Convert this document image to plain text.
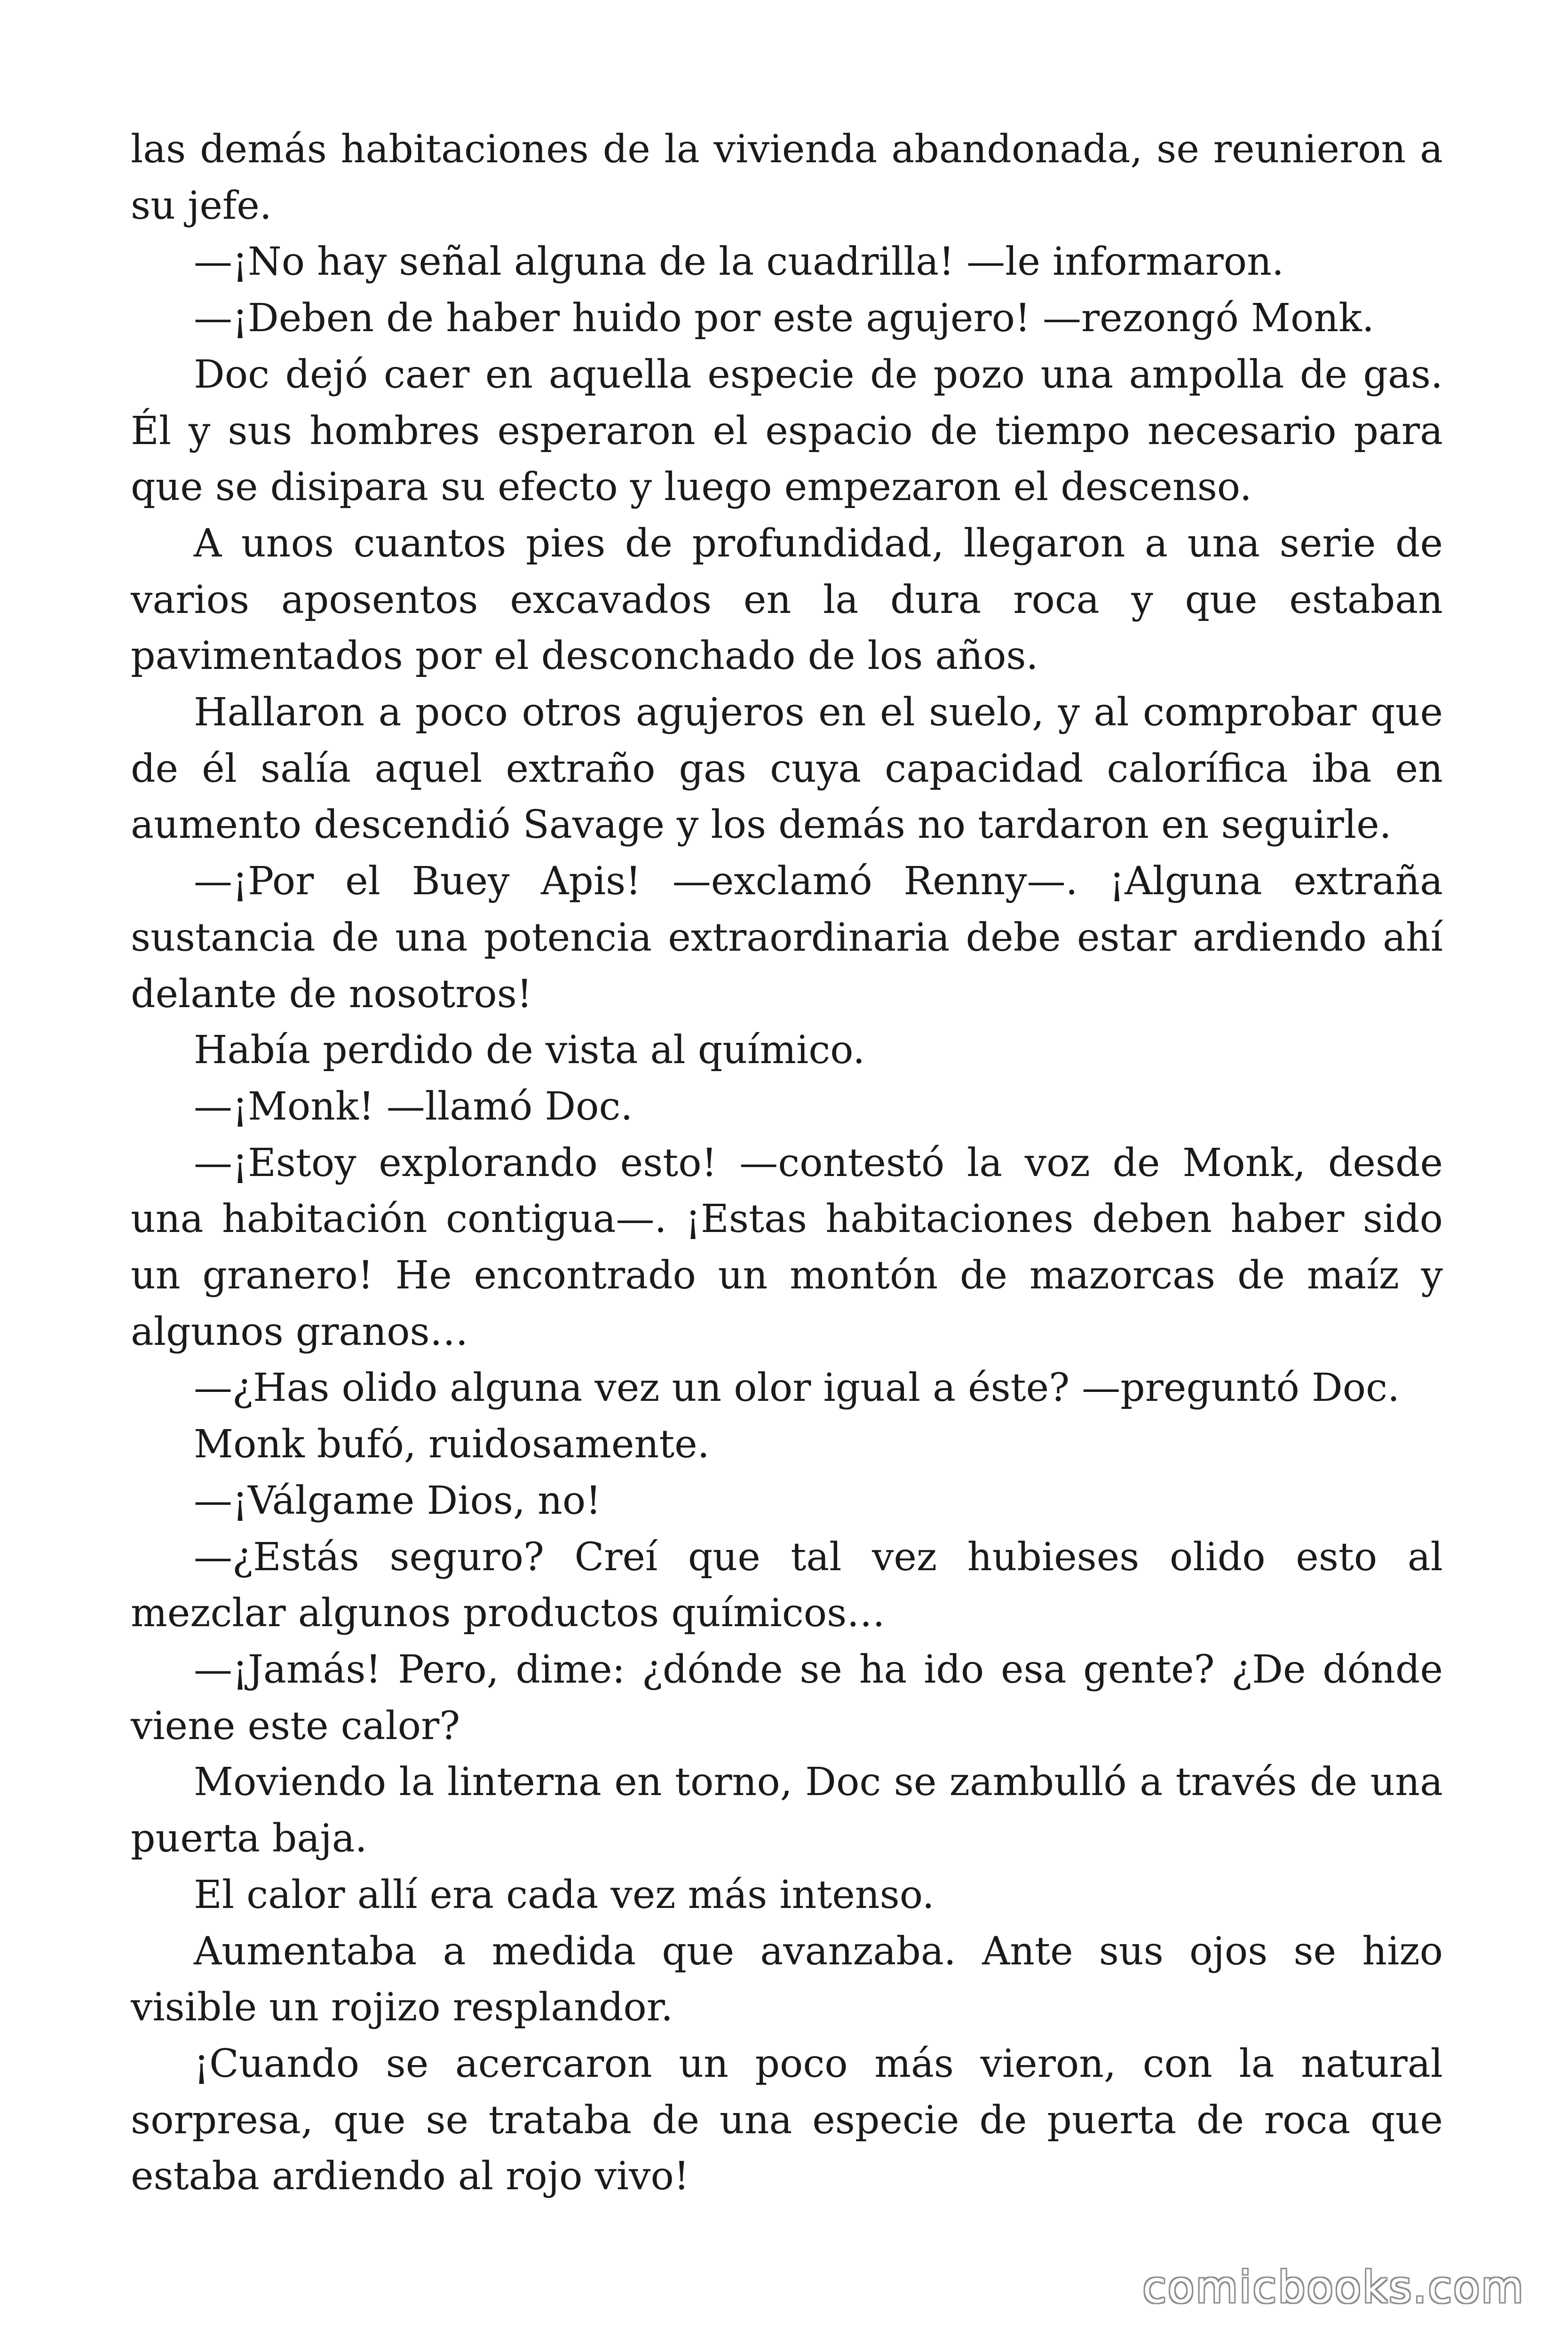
las demás habitaciones de la vivienda abandonada, se reunieron a su jefe.

—¡No hay señal alguna de la cuadrilla! —le informaron.

—¡Deben de haber huido por este agujero! —rezongó Monk.

Doc dejó caer en aquella especie de pozo una ampolla de gas. Él y sus hombres esperaron el espacio de tiempo necesario para que se disipara su efecto y luego empezaron el descenso.

A unos cuantos pies de profundidad, llegaron a una serie de varios aposentos excavados en la dura roca y que estaban pavimentados por el desconchado de los años.

Hallaron a poco otros agujeros en el suelo, y al comprobar que de él salía aquel extraño gas cuya capacidad calorífica iba en aumento descendió Savage y los demás no tardaron en seguirle.

—¡Por el Buey Apis! —exclamó Renny—. ¡Alguna extraña sustancia de una potencia extraordinaria debe estar ardiendo ahí delante de nosotros!

Había perdido de vista al químico.

—¡Monk! —llamó Doc.

—¡Estoy explorando esto! —contestó la voz de Monk, desde una habitación contigua—. ¡Estas habitaciones deben haber sido un granero! He encontrado un montón de mazorcas de maíz y algunos granos…

—¿Has olido alguna vez un olor igual a éste? —preguntó Doc.

Monk bufó, ruidosamente.

—¡Válgame Dios, no!

—¿Estás seguro? Creí que tal vez hubieses olido esto al mezclar algunos productos químicos…

—¡Jamás! Pero, dime: ¿dónde se ha ido esa gente? ¿De dónde viene este calor?

Moviendo la linterna en torno, Doc se zambulló a través de una puerta baja.

El calor allí era cada vez más intenso.

Aumentaba a medida que avanzaba. Ante sus ojos se hizo visible un rojizo resplandor.

¡Cuando se acercaron un poco más vieron, con la natural sorpresa, que se trataba de una especie de puerta de roca que estaba ardiendo al rojo vivo!

comicbooks.com
